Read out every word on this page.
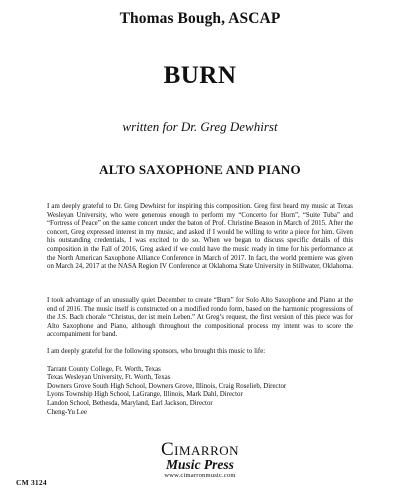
Thomas Bough, ASCAP
BURN
written for Dr. Greg Dewhirst
ALTO SAXOPHONE AND PIANO

I am deeply grateful to Dr. Greg Dewhirst for inspiring this composition. Greg first heard my music at Texas Wesleyan University, who were generous enough to perform my “Concerto for Horn”, “Suite Tuba” and “Fortress of Peace” on the same concert under the baton of Prof. Christine Beason in March of 2015. After the concert, Greg expressed interest in my music, and asked if I would be willing to write a piece for him. Given his outstanding credentials, I was excited to do so. When we began to discuss specific details of this composition in the Fall of 2016, Greg asked if we could have the music ready in time for his performance at the North American Saxophone Alliance Conference in March of 2017. In fact, the world premiere was given on March 24, 2017 at the NASA Region IV Conference at Oklahoma State University in Stillwater, Oklahoma.

I took advantage of an unusually quiet December to create “Burn” for Solo Alto Saxophone and Piano at the end of 2016. The music itself is constructed on a modified rondo form, based on the harmonic progressions of the J.S. Bach chorale “Christus, der ist mein Leben.” At Greg’s request, the first version of this piece was for Alto Saxophone and Piano, although throughout the compositional process my intent was to score the accompaniment for band.

I am deeply grateful for the following sponsors, who brought this music to life:

Tarrant County College, Ft. Worth, Texas
Texas Wesleyan University, Ft. Worth, Texas
Downers Grove South High School, Downers Grove, Illinois, Craig Roselieb, Director
Lyons Township High School, LaGrange, Illinois, Mark Dahl, Director
Landon School, Bethesda, Maryland, Earl Jackson, Director
Cheng-Yu Lee
Cimarron
Music Press
www.cimarronmusic.com
CM 3124
